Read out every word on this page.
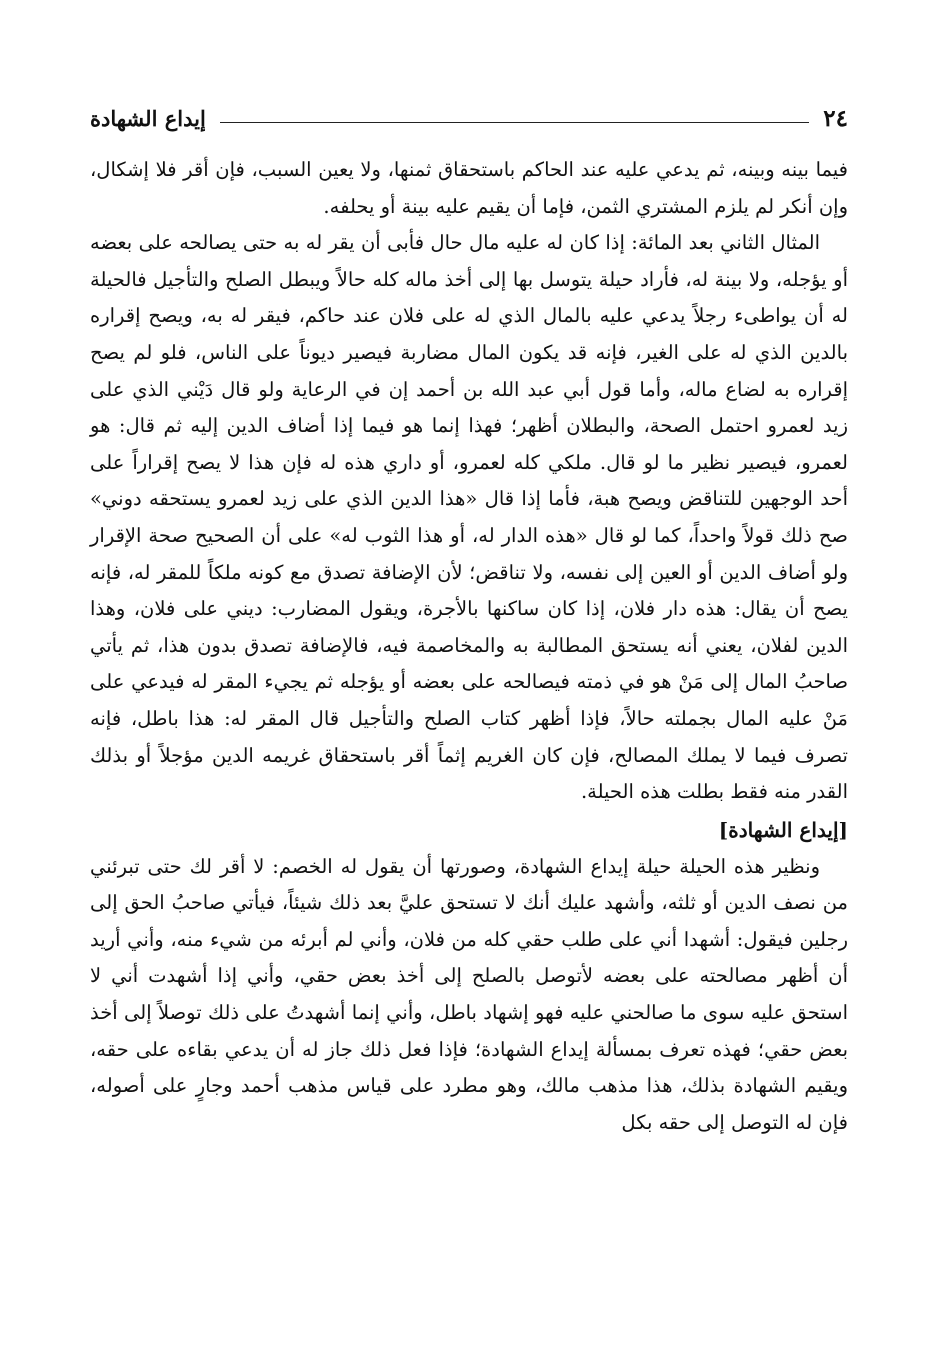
٢٤
إيداع الشهادة

فيما بينه وبينه، ثم يدعي عليه عند الحاكم باستحقاق ثمنها، ولا يعين السبب، فإن أقر فلا إشكال، وإن أنكر لم يلزم المشتري الثمن، فإما أن يقيم عليه بينة أو يحلفه.

المثال الثاني بعد المائة: إذا كان له عليه مال حال فأبى أن يقر له به حتى يصالحه على بعضه أو يؤجله، ولا بينة له، فأراد حيلة يتوسل بها إلى أخذ ماله كله حالاً ويبطل الصلح والتأجيل فالحيلة له أن يواطىء رجلاً يدعي عليه بالمال الذي له على فلان عند حاكم، فيقر له به، ويصح إقراره بالدين الذي له على الغير، فإنه قد يكون المال مضاربة فيصير ديوناً على الناس، فلو لم يصح إقراره به لضاع ماله، وأما قول أبي عبد الله بن أحمد إن في الرعاية ولو قال دَيْني الذي على زيد لعمرو احتمل الصحة، والبطلان أظهر؛ فهذا إنما هو فيما إذا أضاف الدين إليه ثم قال: هو لعمرو، فيصير نظير ما لو قال. ملكي كله لعمرو، أو داري هذه له فإن هذا لا يصح إقراراً على أحد الوجهين للتناقض ويصح هبة، فأما إذا قال «هذا الدين الذي على زيد لعمرو يستحقه دوني» صح ذلك قولاً واحداً، كما لو قال «هذه الدار له، أو هذا الثوب له» على أن الصحيح صحة الإقرار ولو أضاف الدين أو العين إلى نفسه، ولا تناقض؛ لأن الإضافة تصدق مع كونه ملكاً للمقر له، فإنه يصح أن يقال: هذه دار فلان، إذا كان ساكنها بالأجرة، ويقول المضارب: ديني على فلان، وهذا الدين لفلان، يعني أنه يستحق المطالبة به والمخاصمة فيه، فالإضافة تصدق بدون هذا، ثم يأتي صاحبُ المال إلى مَنْ هو في ذمته فيصالحه على بعضه أو يؤجله ثم يجيء المقر له فيدعي على مَنْ عليه المال بجملته حالاً، فإذا أظهر كتاب الصلح والتأجيل قال المقر له: هذا باطل، فإنه تصرف فيما لا يملك المصالح، فإن كان الغريم إثماً أقر باستحقاق غريمه الدين مؤجلاً أو بذلك القدر منه فقط بطلت هذه الحيلة.

[إيداع الشهادة]

ونظير هذه الحيلة حيلة إيداع الشهادة، وصورتها أن يقول له الخصم: لا أقر لك حتى تبرئني من نصف الدين أو ثلثه، وأشهد عليك أنك لا تستحق عليَّ بعد ذلك شيئاً، فيأتي صاحبُ الحق إلى رجلين فيقول: أشهدا أني على طلب حقي كله من فلان، وأني لم أبرئه من شيء منه، وأني أريد أن أظهر مصالحته على بعضه لأتوصل بالصلح إلى أخذ بعض حقي، وأني إذا أشهدت أني لا استحق عليه سوى ما صالحني عليه فهو إشهاد باطل، وأني إنما أشهدتُ على ذلك توصلاً إلى أخذ بعض حقي؛ فهذه تعرف بمسألة إيداع الشهادة؛ فإذا فعل ذلك جاز له أن يدعي بقاءه على حقه، ويقيم الشهادة بذلك، هذا مذهب مالك، وهو مطرد على قياس مذهب أحمد وجارٍ على أصوله، فإن له التوصل إلى حقه بكل
